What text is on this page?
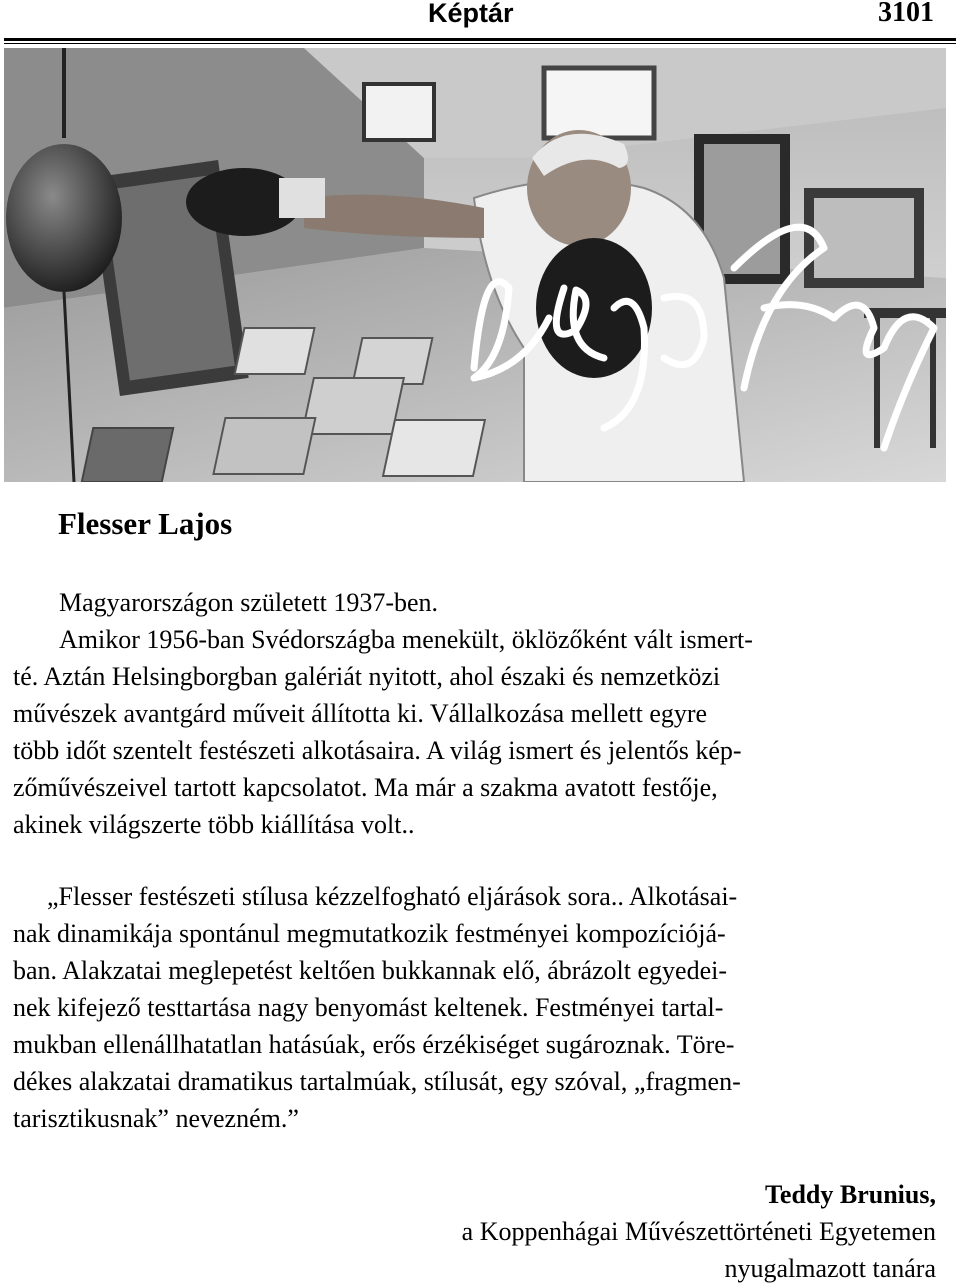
Képtár	3101
Flesser Lajos
Magyarországon született 1937-ben.
Amikor 1956-ban Svédországba menekült, öklözőként vált ismert-
té. Aztán Helsingborgban galériát nyitott, ahol északi és nemzetközi
művészek avantgárd műveit állította ki. Vállalkozása mellett egyre
több időt szentelt festészeti alkotásaira. A világ ismert és jelentős kép-
zőművészeivel tartott kapcsolatot. Ma már a szakma avatott festője,
akinek világszerte több kiállítása volt..
„Flesser festészeti stílusa kézzelfogható eljárások sora.. Alkotásai-
nak dinamikája spontánul megmutatkozik festményei kompozíciójá-
ban. Alakzatai meglepetést keltően bukkannak elő, ábrázolt egyedei-
nek kifejező testtartása nagy benyomást keltenek. Festményei tartal-
mukban ellenállhatatlan hatásúak, erős érzékiséget sugároznak. Töre-
dékes alakzatai dramatikus tartalmúak, stílusát, egy szóval, „fragmen-
tarisztikusnak” nevezném.”
Teddy Brunius,
a Koppenhágai Művészettörténeti Egyetemen
nyugalmazott tanára
